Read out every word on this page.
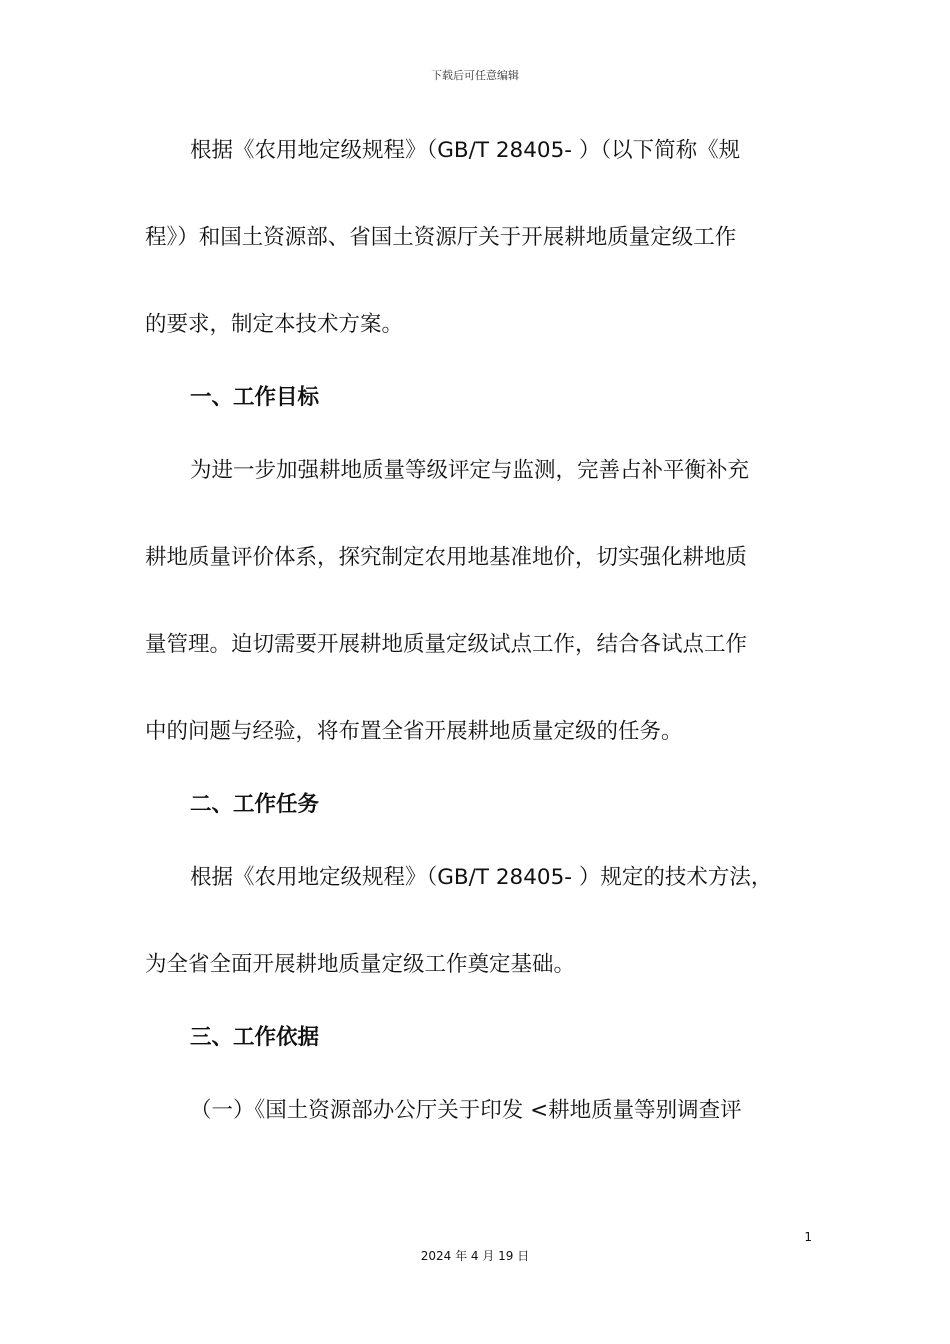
下载后可任意编辑
根据《农用地定级规程》（GB/T 28405- ）（以下简称《规
程》）和国土资源部、省国土资源厅关于开展耕地质量定级工作
的要求，制定本技术方案。
一、工作目标
为进一步加强耕地质量等级评定与监测，完善占补平衡补充
耕地质量评价体系，探究制定农用地基准地价，切实强化耕地质
量管理。迫切需要开展耕地质量定级试点工作，结合各试点工作
中的问题与经验，将布置全省开展耕地质量定级的任务。
二、工作任务
根据《农用地定级规程》（GB/T 28405- ）规定的技术方法，
为全省全面开展耕地质量定级工作奠定基础。
三、工作依据
（一）《国土资源部办公厅关于印发 <耕地质量等别调查评
1
2024 年 4 月 19 日
